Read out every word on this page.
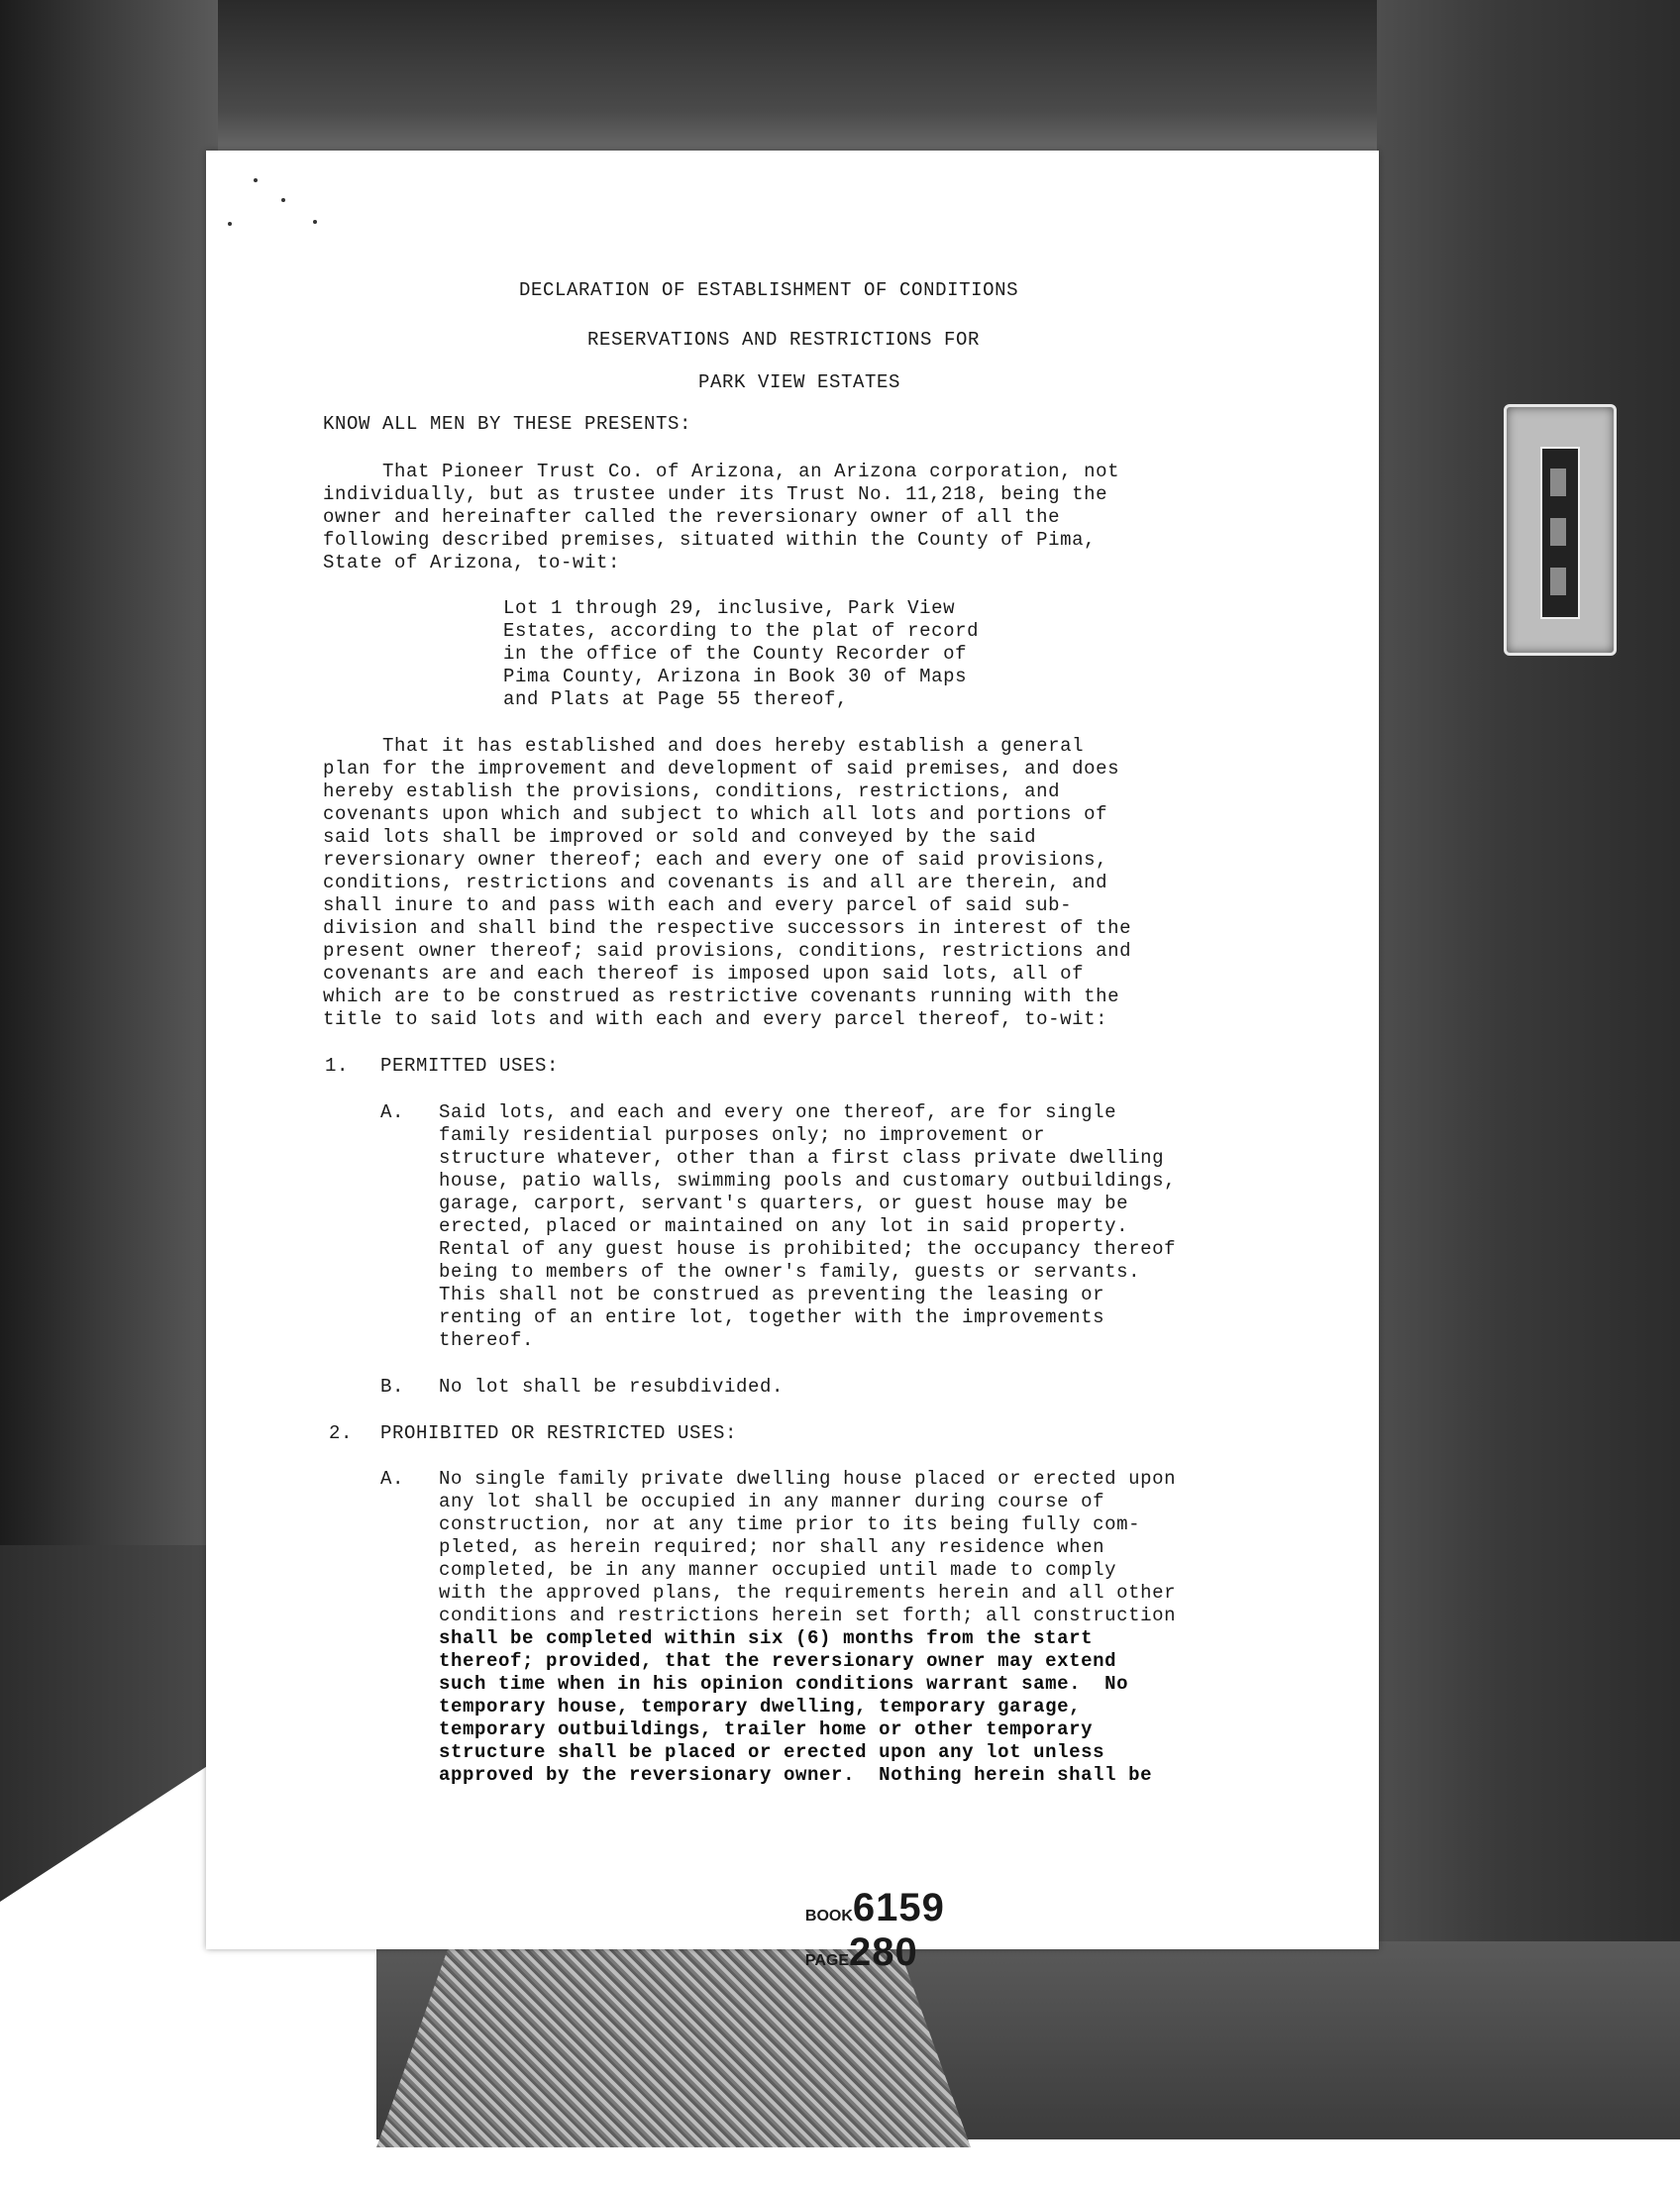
DECLARATION OF ESTABLISHMENT OF CONDITIONS
RESERVATIONS AND RESTRICTIONS FOR
PARK VIEW ESTATES
KNOW ALL MEN BY THESE PRESENTS:
That Pioneer Trust Co. of Arizona, an Arizona corporation, not
individually, but as trustee under its Trust No. 11,218, being the
owner and hereinafter called the reversionary owner of all the
following described premises, situated within the County of Pima,
State of Arizona, to-wit:
Lot 1 through 29, inclusive, Park View
Estates, according to the plat of record
in the office of the County Recorder of
Pima County, Arizona in Book 30 of Maps
and Plats at Page 55 thereof,
That it has established and does hereby establish a general
plan for the improvement and development of said premises, and does
hereby establish the provisions, conditions, restrictions, and
covenants upon which and subject to which all lots and portions of
said lots shall be improved or sold and conveyed by the said
reversionary owner thereof; each and every one of said provisions,
conditions, restrictions and covenants is and all are therein, and
shall inure to and pass with each and every parcel of said sub-
division and shall bind the respective successors in interest of the
present owner thereof; said provisions, conditions, restrictions and
covenants are and each thereof is imposed upon said lots, all of
which are to be construed as restrictive covenants running with the
title to said lots and with each and every parcel thereof, to-wit:
1. PERMITTED USES:
A. Said lots, and each and every one thereof, are for single
family residential purposes only; no improvement or
structure whatever, other than a first class private dwelling
house, patio walls, swimming pools and customary outbuildings,
garage, carport, servant's quarters, or guest house may be
erected, placed or maintained on any lot in said property.
Rental of any guest house is prohibited; the occupancy thereof
being to members of the owner's family, guests or servants.
This shall not be construed as preventing the leasing or
renting of an entire lot, together with the improvements
thereof.
B. No lot shall be resubdivided.
2. PROHIBITED OR RESTRICTED USES:
A. No single family private dwelling house placed or erected upon
any lot shall be occupied in any manner during course of
construction, nor at any time prior to its being fully com-
pleted, as herein required; nor shall any residence when
completed, be in any manner occupied until made to comply
with the approved plans, the requirements herein and all other
conditions and restrictions herein set forth; all construction
shall be completed within six (6) months from the start
thereof; provided, that the reversionary owner may extend
such time when in his opinion conditions warrant same.  No
temporary house, temporary dwelling, temporary garage,
temporary outbuildings, trailer home or other temporary
structure shall be placed or erected upon any lot unless
approved by the reversionary owner.  Nothing herein shall be

BOOK6159
PAGE280
